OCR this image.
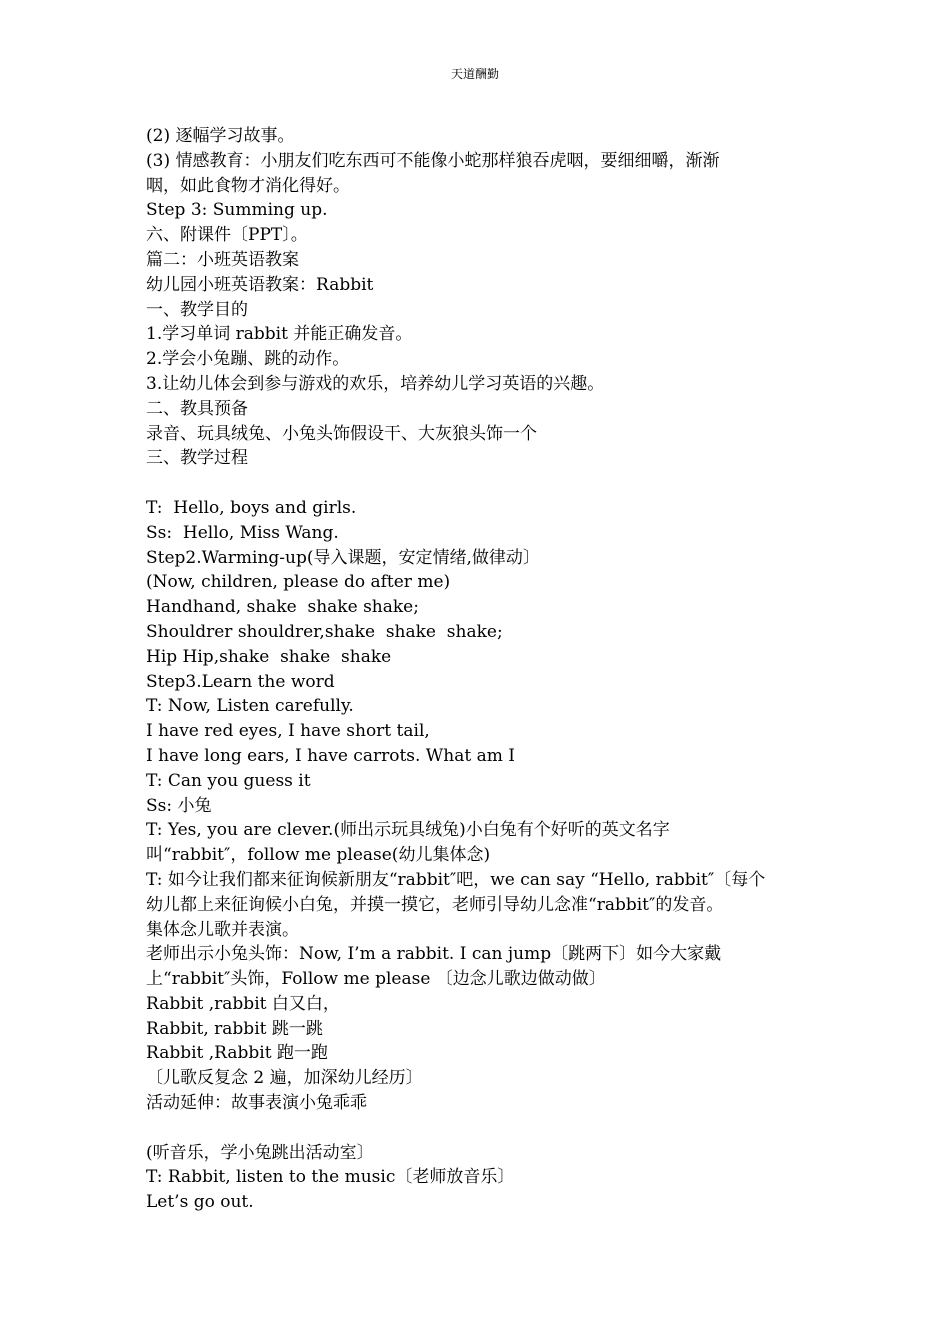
天道酬勤
(2) 逐幅学习故事。
(3) 情感教育：小朋友们吃东西可不能像小蛇那样狼吞虎咽，要细细嚼，渐渐
咽，如此食物才消化得好。
Step 3: Summing up.
六、附课件〔PPT〕。
篇二：小班英语教案
幼儿园小班英语教案：Rabbit
一、教学目的
1.学习单词 rabbit 并能正确发音。
2.学会小兔蹦、跳的动作。
3.让幼儿体会到参与游戏的欢乐，培养幼儿学习英语的兴趣。
二、教具预备
录音、玩具绒兔、小兔头饰假设干、大灰狼头饰一个
三、教学过程
T:  Hello, boys and girls.
Ss:  Hello, Miss Wang.
Step2.Warming-up(导入课题，安定情绪,做律动〕
(Now, children, please do after me)
Handhand, shake  shake shake;
Shouldrer shouldrer,shake  shake  shake;
Hip Hip,shake  shake  shake
Step3.Learn the word
T: Now, Listen carefully.
I have red eyes, I have short tail,
I have long ears, I have carrots. What am I
T: Can you guess it
Ss: 小兔
T: Yes, you are clever.(师出示玩具绒兔)小白兔有个好听的英文名字
叫“rabbit″，follow me please(幼儿集体念)
T: 如今让我们都来征询候新朋友“rabbit″吧，we can say “Hello, rabbit″〔每个
幼儿都上来征询候小白兔，并摸一摸它，老师引导幼儿念准“rabbit″的发音。
集体念儿歌并表演。
老师出示小兔头饰：Now, I’m a rabbit. I can jump〔跳两下〕如今大家戴
上“rabbit″头饰，Follow me please 〔边念儿歌边做动做〕
Rabbit ,rabbit 白又白，
Rabbit, rabbit 跳一跳
Rabbit ,Rabbit 跑一跑
〔儿歌反复念 2 遍，加深幼儿经历〕
活动延伸：故事表演小兔乖乖
(听音乐，学小兔跳出活动室〕
T: Rabbit, listen to the music〔老师放音乐〕
Let’s go out.
